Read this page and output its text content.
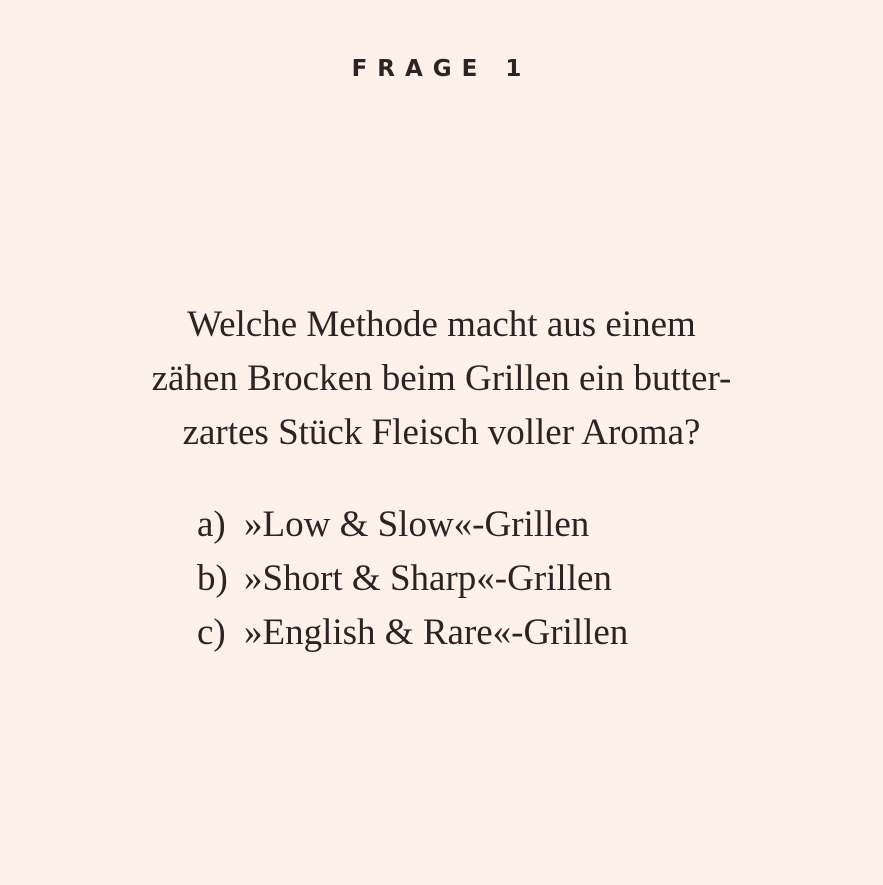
FRAGE 1
Welche Methode macht aus einem
zähen Brocken beim Grillen ein butter-
zartes Stück Fleisch voller Aroma?
a) »Low & Slow«-Grillen
b) »Short & Sharp«-Grillen
c) »English & Rare«-Grillen
